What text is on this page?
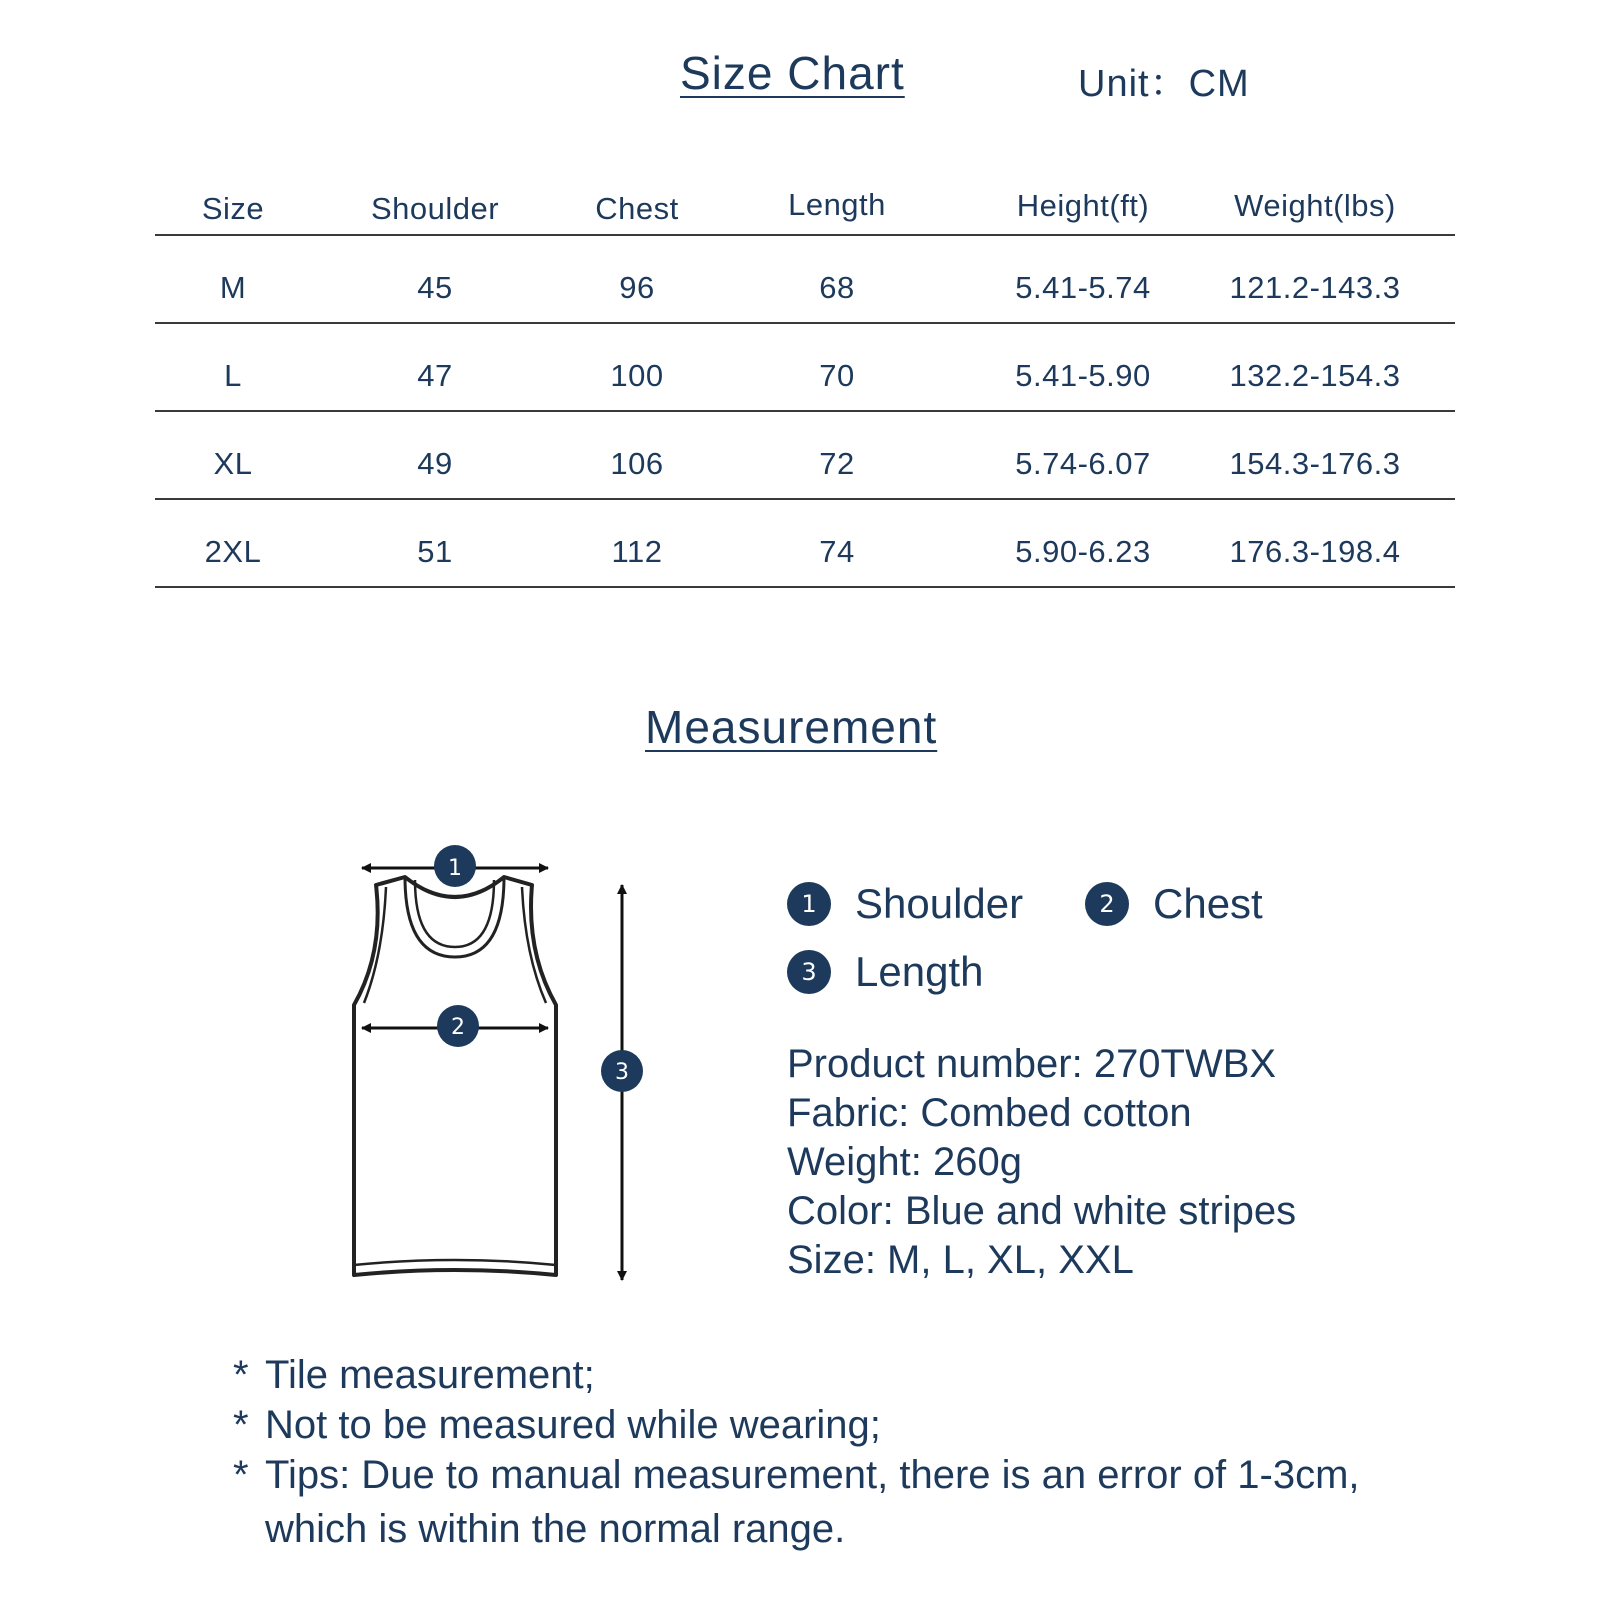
Size Chart	Unit：CM
Size	Shoulder	Chest	Length	Height(ft)	Weight(lbs)
M	45	96	68	5.41-5.74	121.2-143.3
L	47	100	70	5.41-5.90	132.2-154.3
XL	49	106	72	5.74-6.07	154.3-176.3
2XL	51	112	74	5.90-6.23	176.3-198.4
Measurement
1
2
3
1 Shoulder	2 Chest
3 Length
Product number: 270TWBX
Fabric: Combed cotton
Weight: 260g
Color: Blue and white stripes
Size: M, L, XL, XXL
* Tile measurement;
* Not to be measured while wearing;
* Tips: Due to manual measurement, there is an error of 1-3cm,
which is within the normal range.
